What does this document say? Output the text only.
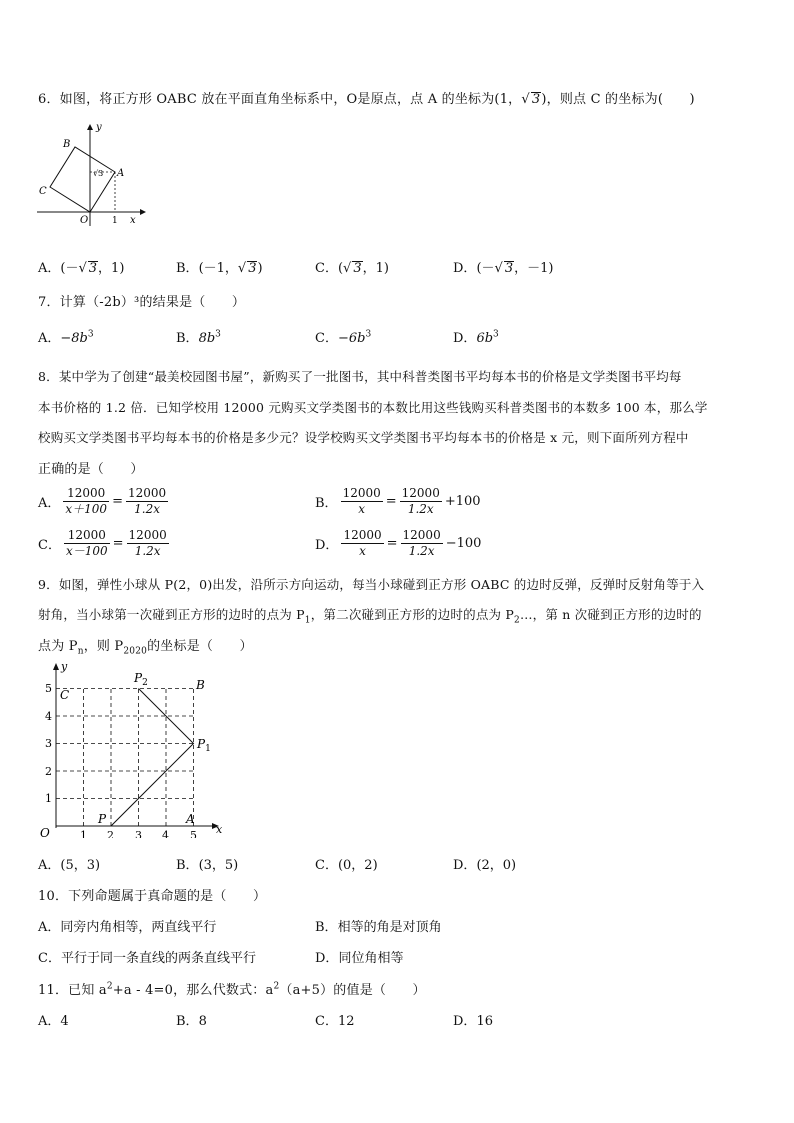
6．如图，将正方形 OABC 放在平面直角坐标系中，O是原点，点 A 的坐标为(1，√ 3)，则点 C 的坐标为(　　)
y
x
B
A
C
O	1
√3
A．(－√ 3，1)	B．(－1，√ 3)	C．(√ 3，1)	D．(－√ 3，－1)
7．计算（-2b）³的结果是（　　）
A．$-8b^3$	B．$8b^3$	C．$-6b^3$	D．$6b^3$
8．某中学为了创建“最美校园图书屋”，新购买了一批图书，其中科普类图书平均每本书的价格是文学类图书平均每
本书价格的 1.2 倍．已知学校用 12000 元购买文学类图书的本数比用这些钱购买科普类图书的本数多 100 本，那么学
校购买文学类图书平均每本书的价格是多少元？设学校购买文学类图书平均每本书的价格是 x 元，则下面所列方程中
正确的是（　　）
A． $\frac{12000}{x+100} = \frac{12000}{1.2x}$	B． $\frac{12000}{x} = \frac{12000}{1.2x} +100$
C． $\frac{12000}{x-100} = \frac{12000}{1.2x}$	D． $\frac{12000}{x} = \frac{12000}{1.2x} -100$
9．如图，弹性小球从 P(2，0)出发，沿所示方向运动，每当小球碰到正方形 OABC 的边时反弹，反弹时反射角等于入
射角，当小球第一次碰到正方形的边时的点为 $P_1$，第二次碰到正方形的边时的点为 $P_2\dots$，第 n 次碰到正方形的边时的
点为 $P_n$，则 $P_{2020}$的坐标是（　　）
1 2 3 4 5
1
2
3
4
5
y
x
O
C
B
A
P
$P_1$
$P_2$
A．(5，3)	B．(3，5)	C．(0，2)	D．(2，0)
10．下列命题属于真命题的是（　　）
A．同旁内角相等，两直线平行	B．相等的角是对顶角
C．平行于同一条直线的两条直线平行	D．同位角相等
11．已知 $a^2+a - 4=0$，那么代数式：$a^2(a+5)$的值是（　　）
A．4	B．8	C．12	D．16
